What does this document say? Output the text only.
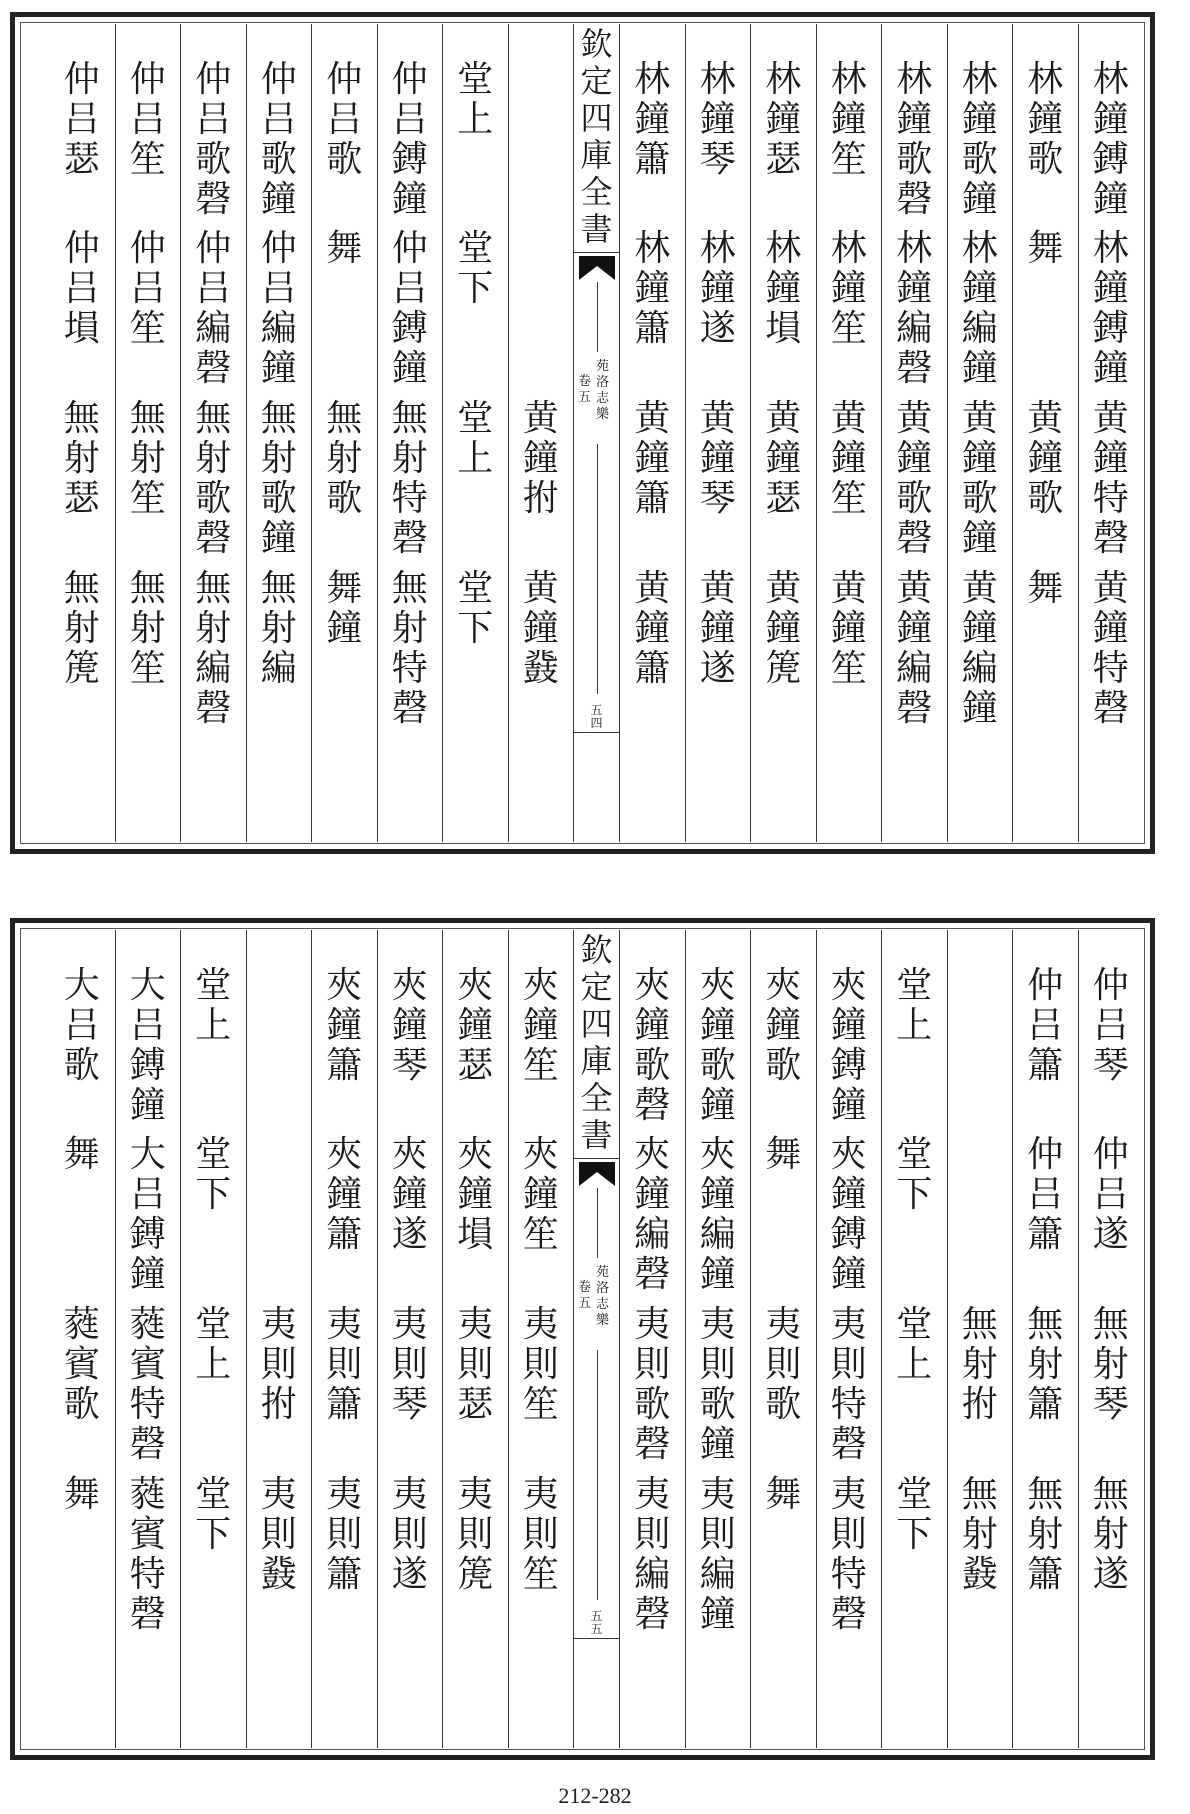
林
鐘
鎛
鐘
林
鐘
鎛
鐘
黄
鐘
特
磬
黄
鐘
特
磬
林
鐘
歌
舞
黄
鐘
歌
舞
林
鐘
歌
鐘
林
鐘
編
鐘
黄
鐘
歌
鐘
黄
鐘
編
鐘
林
鐘
歌
磬
林
鐘
編
磬
黄
鐘
歌
磬
黄
鐘
編
磬
林
鐘
笙
林
鐘
笙
黄
鐘
笙
黄
鐘
笙
林
鐘
瑟
林
鐘
塤
黄
鐘
瑟
黄
鐘
箎
林
鐘
琴
林
鐘
遂
黄
鐘
琴
黄
鐘
遂
林
鐘
簫
林
鐘
簫
黄
鐘
簫
黄
鐘
簫
欽
定
四
庫
全
書
苑
洛
志
樂
卷
五
五
四
黄
鐘
拊
黄
鐘
鼗
堂
上
堂
下
堂
上
堂
下
仲
吕
鎛
鐘
仲
吕
鎛
鐘
無
射
特
磬
無
射
特
磬
仲
吕
歌
舞
無
射
歌
舞
鐘
仲
吕
歌
鐘
仲
吕
編
鐘
無
射
歌
鐘
無
射
編
仲
吕
歌
磬
仲
吕
編
磬
無
射
歌
磬
無
射
編
磬
仲
吕
笙
仲
吕
笙
無
射
笙
無
射
笙
仲
吕
瑟
仲
吕
塤
無
射
瑟
無
射
箎
仲
吕
琴
仲
吕
遂
無
射
琴
無
射
遂
仲
吕
簫
仲
吕
簫
無
射
簫
無
射
簫
無
射
拊
無
射
鼗
堂
上
堂
下
堂
上
堂
下
夾
鐘
鎛
鐘
夾
鐘
鎛
鐘
夷
則
特
磬
夷
則
特
磬
夾
鐘
歌
舞
夷
則
歌
舞
夾
鐘
歌
鐘
夾
鐘
編
鐘
夷
則
歌
鐘
夷
則
編
鐘
夾
鐘
歌
磬
夾
鐘
編
磬
夷
則
歌
磬
夷
則
編
磬
欽
定
四
庫
全
書
苑
洛
志
樂
卷
五
五
五
夾
鐘
笙
夾
鐘
笙
夷
則
笙
夷
則
笙
夾
鐘
瑟
夾
鐘
塤
夷
則
瑟
夷
則
箎
夾
鐘
琴
夾
鐘
遂
夷
則
琴
夷
則
遂
夾
鐘
簫
夾
鐘
簫
夷
則
簫
夷
則
簫
夷
則
拊
夷
則
鼗
堂
上
堂
下
堂
上
堂
下
大
吕
鎛
鐘
大
吕
鎛
鐘
蕤
賓
特
磬
蕤
賓
特
磬
大
吕
歌
舞
蕤
賓
歌
舞
212-282
